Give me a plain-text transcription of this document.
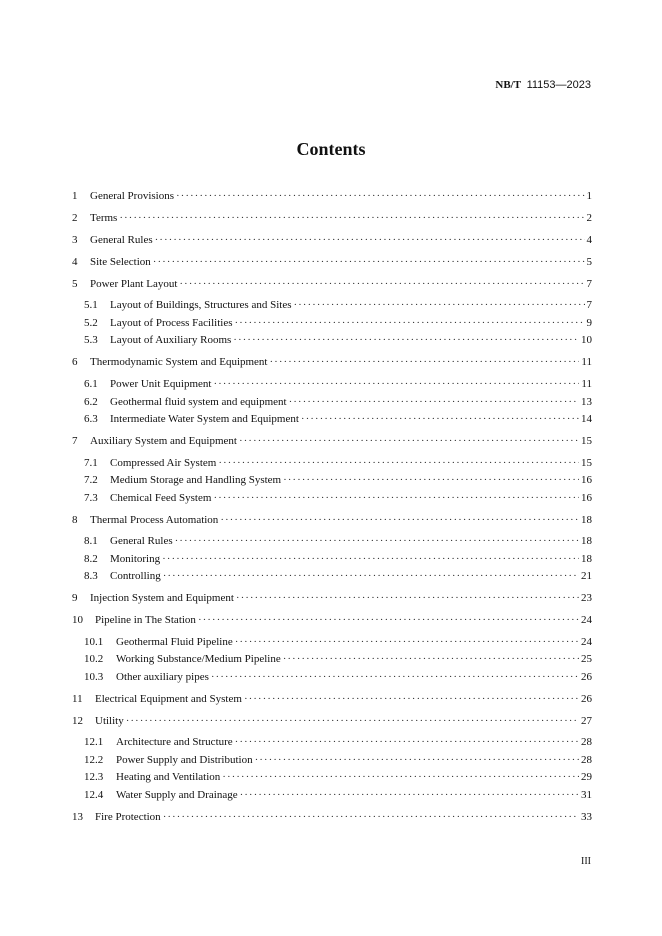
NB/T 11153—2023
Contents
1	General Provisions ·····	1
2	Terms ·····	2
3	General Rules ·····	4
4	Site Selection ·····	5
5	Power Plant Layout ·····	7
5.1	Layout of Buildings, Structures and Sites ·····	7
5.2	Layout of Process Facilities ·····	9
5.3	Layout of Auxiliary Rooms ·····	10
6	Thermodynamic System and Equipment ·····	11
6.1	Power Unit Equipment ·····	11
6.2	Geothermal fluid system and equipment ·····	13
6.3	Intermediate Water System and Equipment ·····	14
7	Auxiliary System and Equipment ·····	15
7.1	Compressed Air System ·····	15
7.2	Medium Storage and Handling System ·····	16
7.3	Chemical Feed System ·····	16
8	Thermal Process Automation ·····	18
8.1	General Rules ·····	18
8.2	Monitoring ·····	18
8.3	Controlling ·····	21
9	Injection System and Equipment ·····	23
10	Pipeline in The Station ·····	24
10.1	Geothermal Fluid Pipeline ·····	24
10.2	Working Substance/Medium Pipeline ·····	25
10.3	Other auxiliary pipes ·····	26
11	Electrical Equipment and System ·····	26
12	Utility ·····	27
12.1	Architecture and Structure ·····	28
12.2	Power Supply and Distribution ·····	28
12.3	Heating and Ventilation ·····	29
12.4	Water Supply and Drainage ·····	31
13	Fire Protection ·····	33
III
